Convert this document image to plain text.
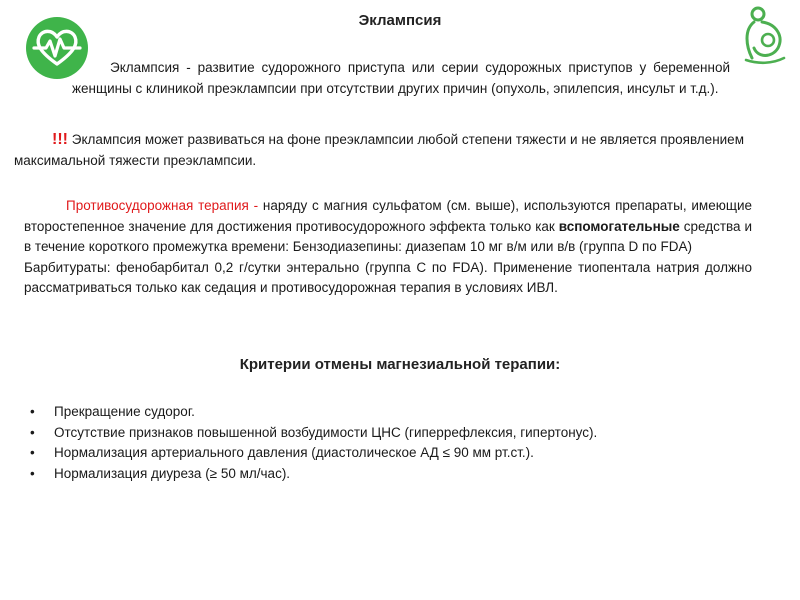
Эклампсия
Эклампсия - развитие судорожного приступа или серии судорожных приступов у беременной женщины с клиникой преэклампсии при отсутствии других причин (опухоль, эпилепсия, инсульт и т.д.).
!!! Эклампсия может развиваться на фоне преэклампсии любой степени тяжести и не является проявлением максимальной тяжести преэклампсии.
Противосудорожная терапия - наряду с магния сульфатом (см. выше), используются препараты, имеющие второстепенное значение для достижения противосудорожного эффекта только как вспомогательные средства и в течение короткого промежутка времени: Бензодиазепины: диазепам 10 мг в/м или в/в (группа D по FDA)
Барбитураты: фенобарбитал 0,2 г/сутки энтерально (группа С по FDA). Применение тиопентала натрия должно рассматриваться только как седация и противосудорожная терапия в условиях ИВЛ.
Критерии отмены магнезиальной терапии:
• Прекращение судорог.
• Отсутствие признаков повышенной возбудимости ЦНС (гиперрефлексия, гипертонус).
• Нормализация артериального давления (диастолическое АД ≤ 90 мм рт.ст.).
• Нормализация диуреза (≥ 50 мл/час).
